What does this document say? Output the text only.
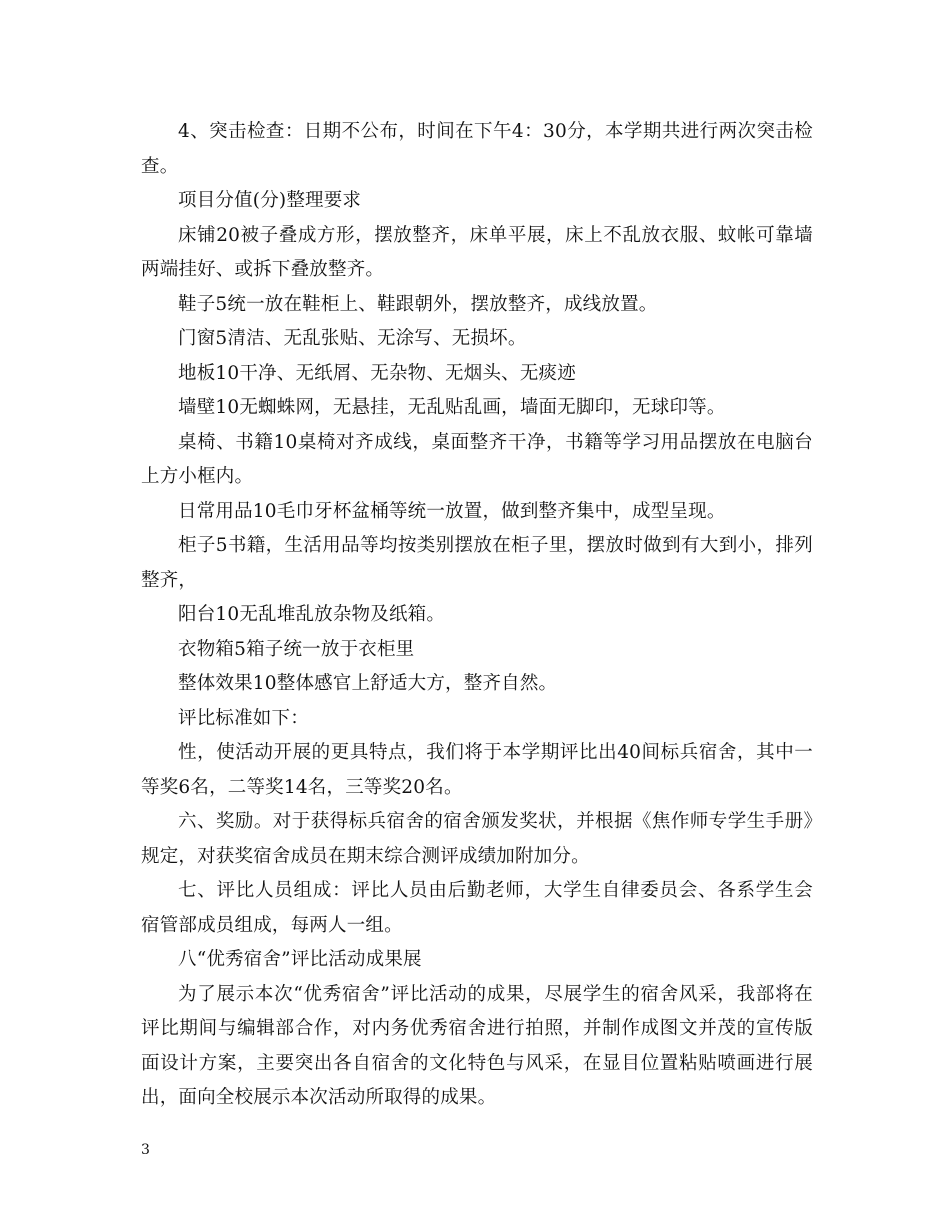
4、突击检查：日期不公布，时间在下午4：30分，本学期共进行两次突击检查。

项目分值(分)整理要求

床铺20被子叠成方形，摆放整齐，床单平展，床上不乱放衣服、蚊帐可靠墙两端挂好、或拆下叠放整齐。

鞋子5统一放在鞋柜上、鞋跟朝外，摆放整齐，成线放置。

门窗5清洁、无乱张贴、无涂写、无损坏。

地板10干净、无纸屑、无杂物、无烟头、无痰迹

墙壁10无蜘蛛网，无悬挂，无乱贴乱画，墙面无脚印，无球印等。

桌椅、书籍10桌椅对齐成线，桌面整齐干净，书籍等学习用品摆放在电脑台上方小框内。

日常用品10毛巾牙杯盆桶等统一放置，做到整齐集中，成型呈现。

柜子5书籍，生活用品等均按类别摆放在柜子里，摆放时做到有大到小，排列整齐，

阳台10无乱堆乱放杂物及纸箱。

衣物箱5箱子统一放于衣柜里

整体效果10整体感官上舒适大方，整齐自然。

评比标准如下：

性，使活动开展的更具特点，我们将于本学期评比出40间标兵宿舍，其中一等奖6名，二等奖14名，三等奖20名。

六、奖励。对于获得标兵宿舍的宿舍颁发奖状，并根据《焦作师专学生手册》规定，对获奖宿舍成员在期末综合测评成绩加附加分。

七、评比人员组成：评比人员由后勤老师，大学生自律委员会、各系学生会宿管部成员组成，每两人一组。

八“优秀宿舍”评比活动成果展

为了展示本次“优秀宿舍”评比活动的成果，尽展学生的宿舍风采，我部将在评比期间与编辑部合作，对内务优秀宿舍进行拍照，并制作成图文并茂的宣传版面设计方案，主要突出各自宿舍的文化特色与风采，在显目位置粘贴喷画进行展出，面向全校展示本次活动所取得的成果。

3
